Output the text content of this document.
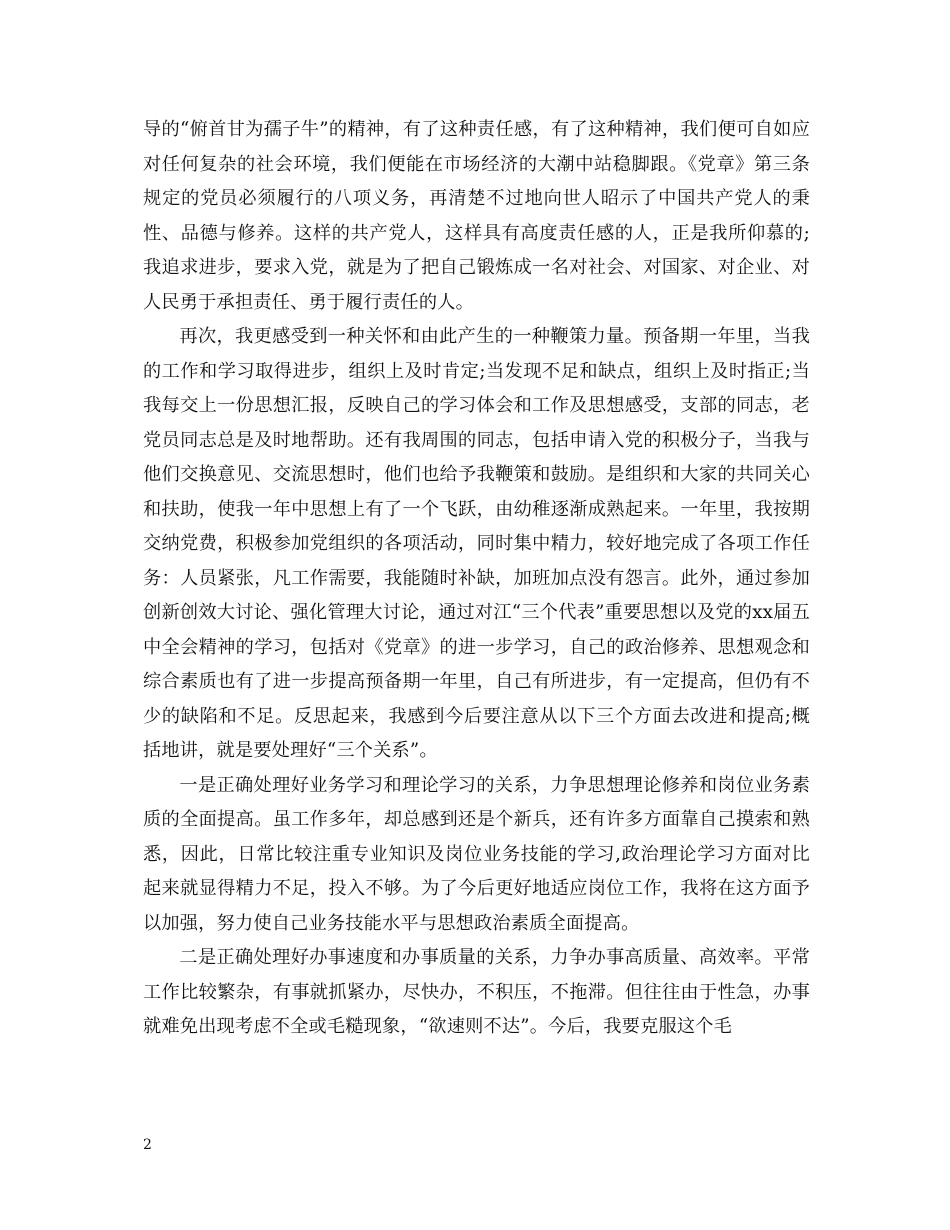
导的“俯首甘为孺子牛”的精神，有了这种责任感，有了这种精神，我们便可自如应对任何复杂的社会环境，我们便能在市场经济的大潮中站稳脚跟。《党章》第三条规定的党员必须履行的八项义务，再清楚不过地向世人昭示了中国共产党人的秉性、品德与修养。这样的共产党人，这样具有高度责任感的人，正是我所仰慕的;我追求进步，要求入党，就是为了把自己锻炼成一名对社会、对国家、对企业、对人民勇于承担责任、勇于履行责任的人。

再次，我更感受到一种关怀和由此产生的一种鞭策力量。预备期一年里，当我的工作和学习取得进步，组织上及时肯定;当发现不足和缺点，组织上及时指正;当我每交上一份思想汇报，反映自己的学习体会和工作及思想感受，支部的同志，老党员同志总是及时地帮助。还有我周围的同志，包括申请入党的积极分子，当我与他们交换意见、交流思想时，他们也给予我鞭策和鼓励。是组织和大家的共同关心和扶助，使我一年中思想上有了一个飞跃，由幼稚逐渐成熟起来。一年里，我按期交纳党费，积极参加党组织的各项活动，同时集中精力，较好地完成了各项工作任务：人员紧张，凡工作需要，我能随时补缺，加班加点没有怨言。此外，通过参加创新创效大讨论、强化管理大讨论，通过对江“三个代表”重要思想以及党的xx届五中全会精神的学习，包括对《党章》的进一步学习，自己的政治修养、思想观念和综合素质也有了进一步提高预备期一年里，自己有所进步，有一定提高，但仍有不少的缺陷和不足。反思起来，我感到今后要注意从以下三个方面去改进和提高;概括地讲，就是要处理好“三个关系”。

一是正确处理好业务学习和理论学习的关系，力争思想理论修养和岗位业务素质的全面提高。虽工作多年，却总感到还是个新兵，还有许多方面靠自己摸索和熟悉，因此，日常比较注重专业知识及岗位业务技能的学习,政治理论学习方面对比起来就显得精力不足，投入不够。为了今后更好地适应岗位工作，我将在这方面予以加强，努力使自己业务技能水平与思想政治素质全面提高。

二是正确处理好办事速度和办事质量的关系，力争办事高质量、高效率。平常工作比较繁杂，有事就抓紧办，尽快办，不积压，不拖滞。但往往由于性急，办事就难免出现考虑不全或毛糙现象，“欲速则不达”。今后，我要克服这个毛

2
